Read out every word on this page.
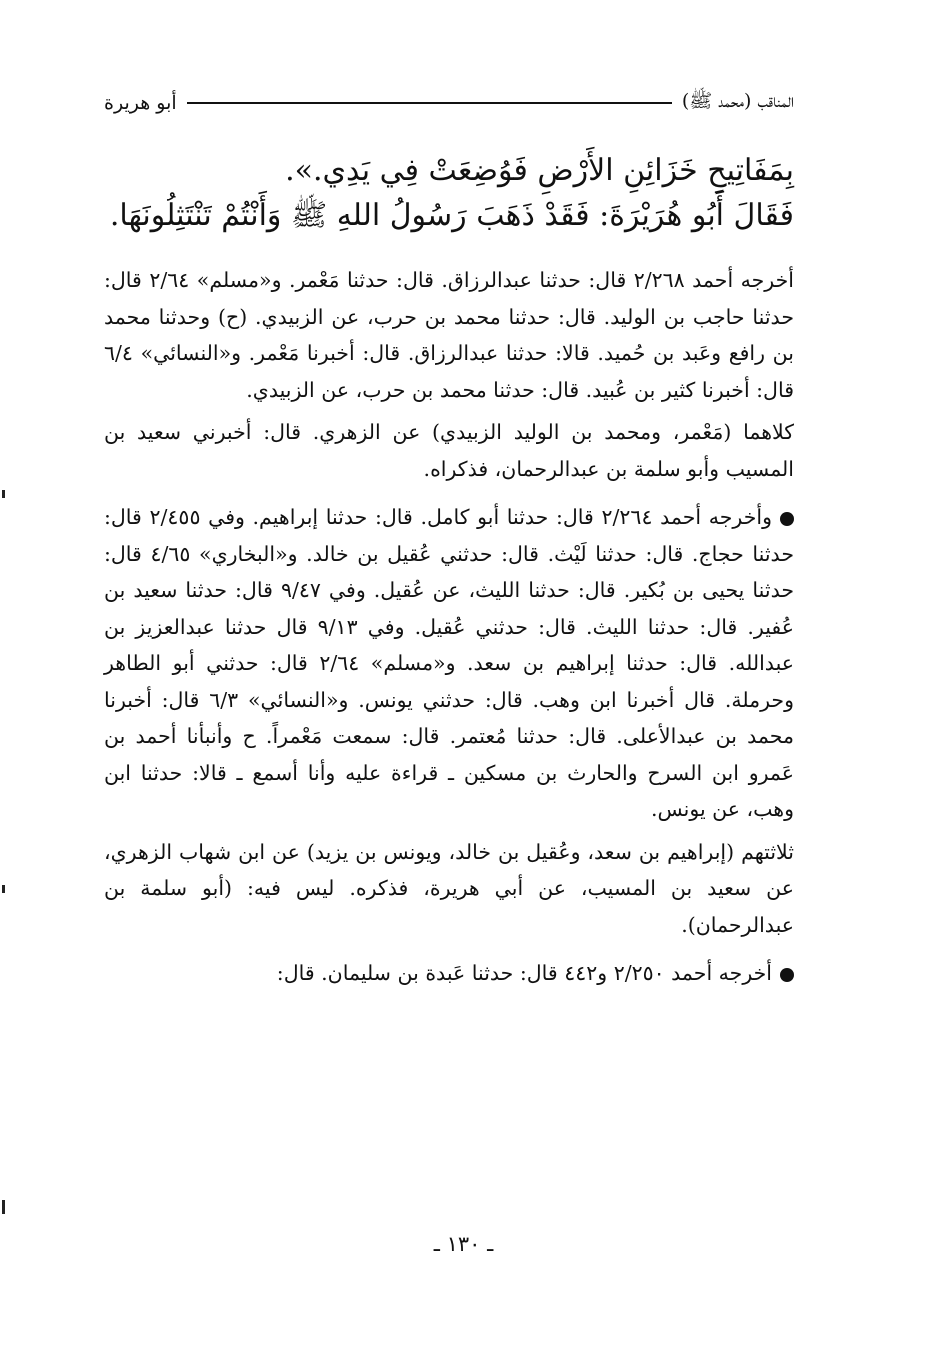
المناقب (محمد ﷺ)
أبو هريرة
بِمَفَاتِيحِ خَزَائِنِ الأَرْضِ فَوُضِعَتْ فِي يَدِي.».
فَقَالَ أَبُو هُرَيْرَةَ: فَقَدْ ذَهَبَ رَسُولُ اللهِ ﷺ وَأَنْتُمْ تَنْتَثِلُونَهَا.

أخرجه أحمد ٢/٢٦٨ قال: حدثنا عبدالرزاق. قال: حدثنا مَعْمر. و«مسلم» ٢/٦٤ قال: حدثنا حاجب بن الوليد. قال: حدثنا محمد بن حرب، عن الزبيدي. (ح) وحدثنا محمد بن رافع وعَبد بن حُميد. قالا: حدثنا عبدالرزاق. قال: أخبرنا مَعْمر. و«النسائي» ٦/٤ قال: أخبرنا كثير بن عُبيد. قال: حدثنا محمد بن حرب، عن الزبيدي.

كلاهما (مَعْمر، ومحمد بن الوليد الزبيدي) عن الزهري. قال: أخبرني سعيد بن المسيب وأبو سلمة بن عبدالرحمان، فذكراه.

وأخرجه أحمد ٢/٢٦٤ قال: حدثنا أبو كامل. قال: حدثنا إبراهيم. وفي ٢/٤٥٥ قال: حدثنا حجاج. قال: حدثنا لَيْث. قال: حدثني عُقيل بن خالد. و«البخاري» ٤/٦٥ قال: حدثنا يحيى بن بُكير. قال: حدثنا الليث، عن عُقيل. وفي ٩/٤٧ قال: حدثنا سعيد بن عُفير. قال: حدثنا الليث. قال: حدثني عُقيل. وفي ٩/١٣ قال حدثنا عبدالعزيز بن عبدالله. قال: حدثنا إبراهيم بن سعد. و«مسلم» ٢/٦٤ قال: حدثني أبو الطاهر وحرملة. قال أخبرنا ابن وهب. قال: حدثني يونس. و«النسائي» ٦/٣ قال: أخبرنا محمد بن عبدالأعلى. قال: حدثنا مُعتمر. قال: سمعت مَعْمراً. ح وأنبأنا أحمد بن عَمرو ابن السرح والحارث بن مسكين ـ قراءة عليه وأنا أسمع ـ قالا: حدثنا ابن وهب، عن يونس.

ثلاثتهم (إبراهيم بن سعد، وعُقيل بن خالد، ويونس بن يزيد) عن ابن شهاب الزهري، عن سعيد بن المسيب، عن أبي هريرة، فذكره. ليس فيه: (أبو سلمة بن عبدالرحمان).

أخرجه أحمد ٢/٢٥٠ و٤٤٢ قال: حدثنا عَبدة بن سليمان. قال:

ـ ١٣٠ ـ
